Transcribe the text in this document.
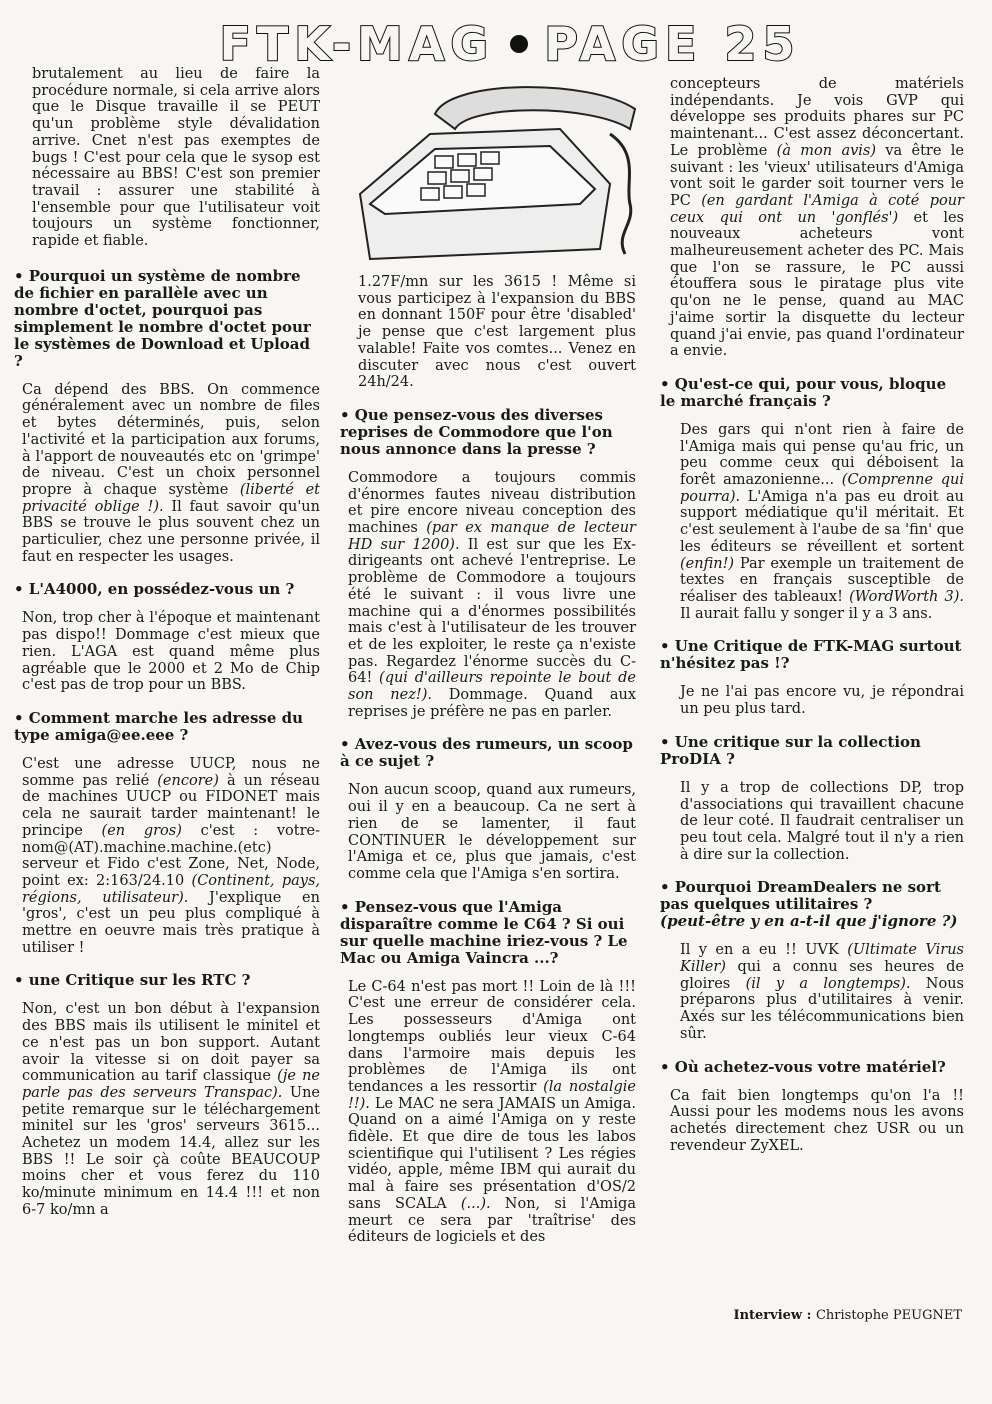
FTK-MAG PAGE 25

brutalement au lieu de faire la procédure normale, si cela arrive alors que le Disque travaille il se PEUT qu'un problème style dévalidation arrive. Cnet n'est pas exemptes de bugs ! C'est pour cela que le sysop est nécessaire au BBS! C'est son premier travail : assurer une stabilité à l'ensemble pour que l'utilisateur voit toujours un système fonctionner, rapide et fiable.

• Pourquoi un système de nombre de fichier en parallèle avec un nombre d'octet, pourquoi pas simplement le nombre d'octet pour le systèmes de Download et Upload ?

Ca dépend des BBS. On commence généralement avec un nombre de files et bytes déterminés, puis, selon l'activité et la participation aux forums, à l'apport de nouveautés etc on 'grimpe' de niveau. C'est un choix personnel propre à chaque système (liberté et privacité oblige !). Il faut savoir qu'un BBS se trouve le plus souvent chez un particulier, chez une personne privée, il faut en respecter les usages.

• L'A4000, en possédez-vous un ?

Non, trop cher à l'époque et maintenant pas dispo!! Dommage c'est mieux que rien. L'AGA est quand même plus agréable que le 2000 et 2 Mo de Chip c'est pas de trop pour un BBS.

• Comment marche les adresse du type amiga@ee.eee ?

C'est une adresse UUCP, nous ne somme pas relié (encore) à un réseau de machines UUCP ou FIDONET mais cela ne saurait tarder maintenant! le principe (en gros) c'est : votre-nom@(AT).machine.machine.(etc) serveur et Fido c'est Zone, Net, Node, point ex: 2:163/24.10 (Continent, pays, régions, utilisateur). J'explique en 'gros', c'est un peu plus compliqué à mettre en oeuvre mais très pratique à utiliser !

• une Critique sur les RTC ?

Non, c'est un bon début à l'expansion des BBS mais ils utilisent le minitel et ce n'est pas un bon support. Autant avoir la vitesse si on doit payer sa communication au tarif classique (je ne parle pas des serveurs Transpac). Une petite remarque sur le téléchargement minitel sur les 'gros' serveurs 3615... Achetez un modem 14.4, allez sur les BBS !! Le soir çà coûte BEAUCOUP moins cher et vous ferez du 110 ko/minute minimum en 14.4 !!! et non 6-7 ko/mn a

1.27F/mn sur les 3615 ! Même si vous participez à l'expansion du BBS en donnant 150F pour être 'disabled' je pense que c'est largement plus valable! Faite vos comtes... Venez en discuter avec nous c'est ouvert 24h/24.

• Que pensez-vous des diverses reprises de Commodore que l'on nous annonce dans la presse ?

Commodore a toujours commis d'énormes fautes niveau distribution et pire encore niveau conception des machines (par ex manque de lecteur HD sur 1200). Il est sur que les Ex-dirigeants ont achevé l'entreprise. Le problème de Commodore a toujours été le suivant : il vous livre une machine qui a d'énormes possibilités mais c'est à l'utilisateur de les trouver et de les exploiter, le reste ça n'existe pas. Regardez l'énorme succès du C-64! (qui d'ailleurs repointe le bout de son nez!). Dommage. Quand aux reprises je préfère ne pas en parler.

• Avez-vous des rumeurs, un scoop à ce sujet ?

Non aucun scoop, quand aux rumeurs, oui il y en a beaucoup. Ca ne sert à rien de se lamenter, il faut CONTINUER le développement sur l'Amiga et ce, plus que jamais, c'est comme cela que l'Amiga s'en sortira.

• Pensez-vous que l'Amiga disparaître comme le C64 ? Si oui sur quelle machine iriez-vous ? Le Mac ou Amiga Vaincra ...?

Le C-64 n'est pas mort !! Loin de là !!! C'est une erreur de considérer cela. Les possesseurs d'Amiga ont longtemps oubliés leur vieux C-64 dans l'armoire mais depuis les problèmes de l'Amiga ils ont tendances a les ressortir (la nostalgie !!). Le MAC ne sera JAMAIS un Amiga. Quand on a aimé l'Amiga on y reste fidèle. Et que dire de tous les labos scientifique qui l'utilisent ? Les régies vidéo, apple, même IBM qui aurait du mal à faire ses présentation d'OS/2 sans SCALA (...). Non, si l'Amiga meurt ce sera par 'traîtrise' des éditeurs de logiciels et des

concepteurs de matériels indépendants. Je vois GVP qui développe ses produits phares sur PC maintenant... C'est assez déconcertant. Le problème (à mon avis) va être le suivant : les 'vieux' utilisateurs d'Amiga vont soit le garder soit tourner vers le PC (en gardant l'Amiga à coté pour ceux qui ont un 'gonflés') et les nouveaux acheteurs vont malheureusement acheter des PC. Mais que l'on se rassure, le PC aussi étouffera sous le piratage plus vite qu'on ne le pense, quand au MAC j'aime sortir la disquette du lecteur quand j'ai envie, pas quand l'ordinateur a envie.

• Qu'est-ce qui, pour vous, bloque le marché français ?

Des gars qui n'ont rien à faire de l'Amiga mais qui pense qu'au fric, un peu comme ceux qui déboisent la forêt amazonienne... (Comprenne qui pourra). L'Amiga n'a pas eu droit au support médiatique qu'il méritait. Et c'est seulement à l'aube de sa 'fin' que les éditeurs se réveillent et sortent (enfin!) Par exemple un traitement de textes en français susceptible de réaliser des tableaux! (WordWorth 3). Il aurait fallu y songer il y a 3 ans.

• Une Critique de FTK-MAG surtout n'hésitez pas !?

Je ne l'ai pas encore vu, je répondrai un peu plus tard.

• Une critique sur la collection ProDIA ?

Il y a trop de collections DP, trop d'associations qui travaillent chacune de leur coté. Il faudrait centraliser un peu tout cela. Malgré tout il n'y a rien à dire sur la collection.

• Pourquoi DreamDealers ne sort pas quelques utilitaires ?
(peut-être y en a-t-il que j'ignore ?)

Il y en a eu !! UVK (Ultimate Virus Killer) qui a connu ses heures de gloires (il y a longtemps). Nous préparons plus d'utilitaires à venir. Axés sur les télécommunications bien sûr.

• Où achetez-vous votre matériel?

Ca fait bien longtemps qu'on l'a !! Aussi pour les modems nous les avons achetés directement chez USR ou un revendeur ZyXEL.

Interview : Christophe PEUGNET
